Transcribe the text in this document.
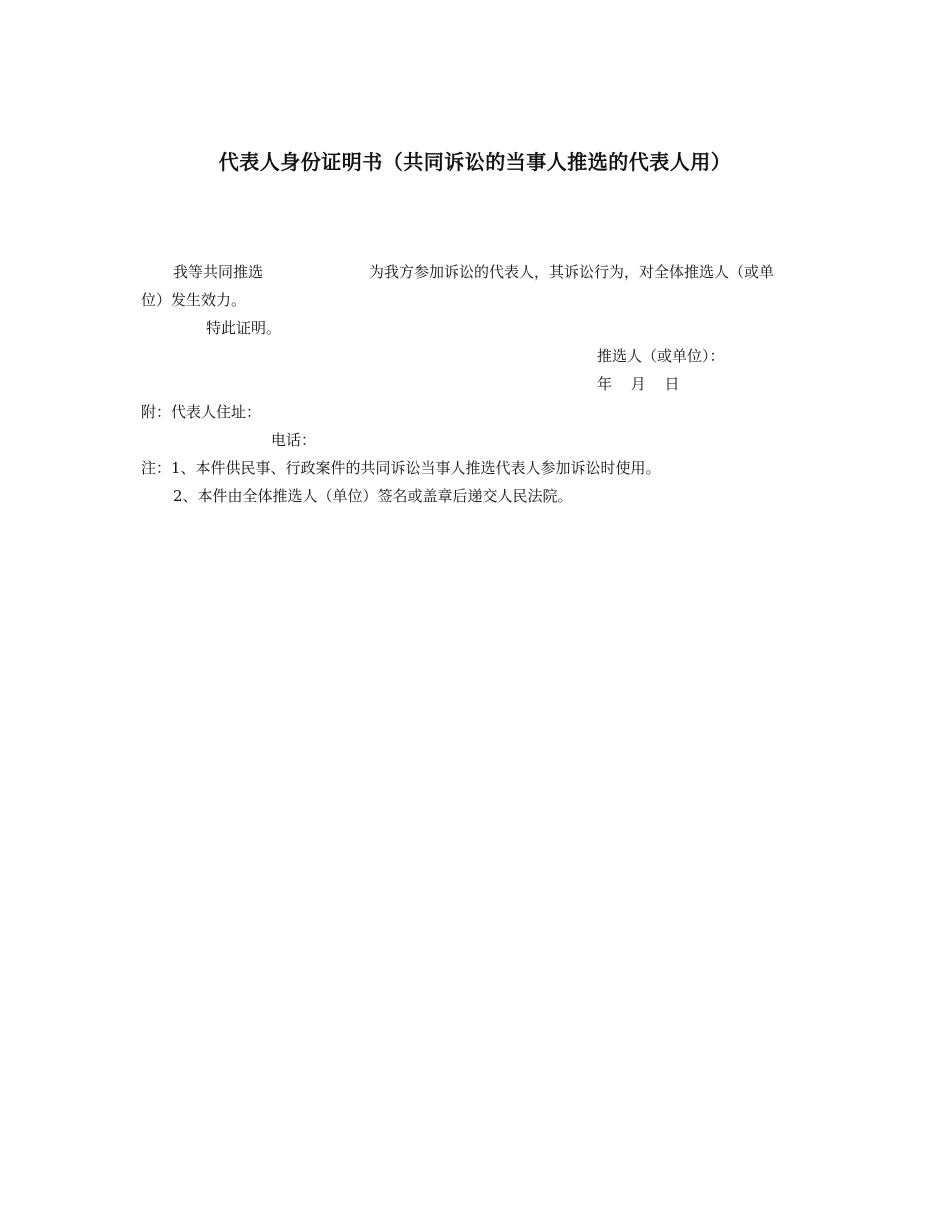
代表人身份证明书（共同诉讼的当事人推选的代表人用）
我等共同推选	为我方参加诉讼的代表人，其诉讼行为，对全体推选人（或单
位）发生效力。
特此证明。
推选人（或单位）：
年 月 日
附：代表人住址：
电话：
注：1、本件供民事、行政案件的共同诉讼当事人推选代表人参加诉讼时使用。
2、本件由全体推选人（单位）签名或盖章后递交人民法院。
